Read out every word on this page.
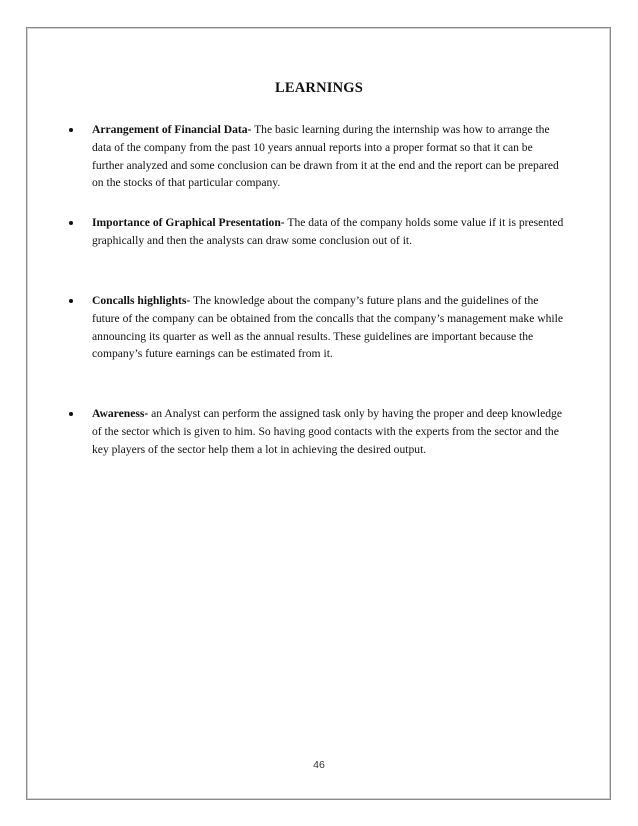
LEARNINGS
Arrangement of Financial Data- The basic learning during the internship was how to arrange the data of the company from the past 10 years annual reports into a proper format so that it can be further analyzed and some conclusion can be drawn from it at the end and the report can be prepared on the stocks of that particular company.
Importance of Graphical Presentation- The data of the company holds some value if it is presented graphically and then the analysts can draw some conclusion out of it.
Concalls highlights- The knowledge about the company’s future plans and the guidelines of the future of the company can be obtained from the concalls that the company’s management make while announcing its quarter as well as the annual results. These guidelines are important because the company’s future earnings can be estimated from it.
Awareness- an Analyst can perform the assigned task only by having the proper and deep knowledge of the sector which is given to him. So having good contacts with the experts from the sector and the key players of the sector help them a lot in achieving the desired output.
46
